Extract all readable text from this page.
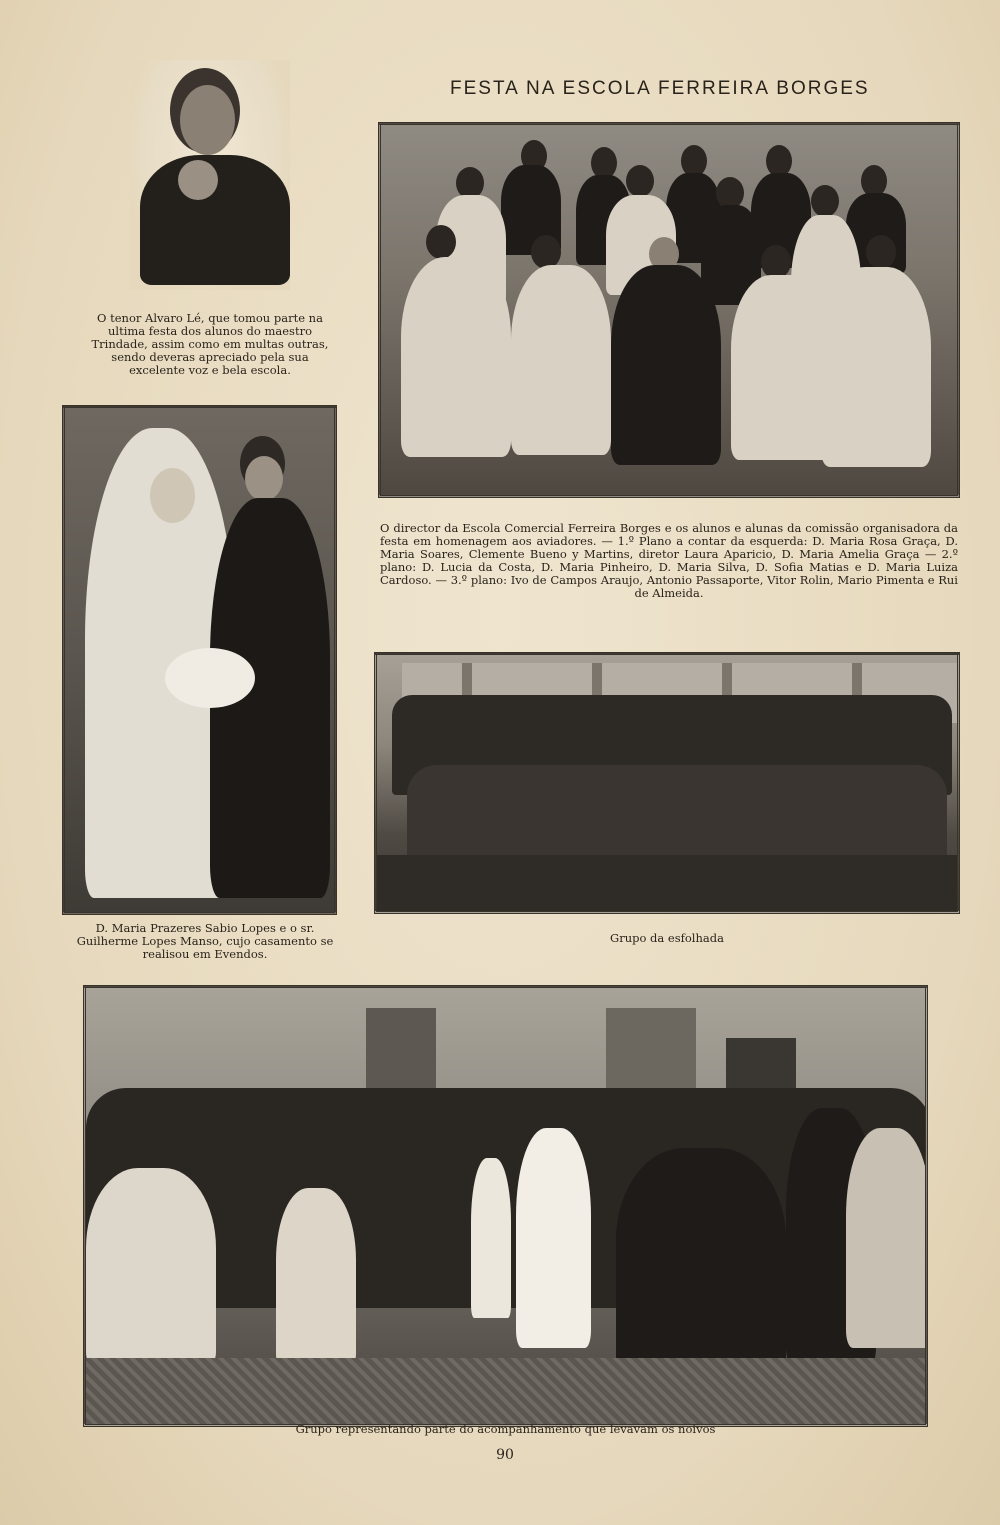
FESTA NA ESCOLA FERREIRA BORGES
O tenor Alvaro Lé, que tomou parte na ultima festa dos alunos do maestro Trindade, assim como em multas outras, sendo deveras apreciado pela sua excelente voz e bela escola.
O director da Escola Comercial Ferreira Borges e os alunos e alunas da comissão organisadora da festa em homenagem aos aviadores. — 1.º Plano a contar da esquerda: D. Maria Rosa Graça, D. Maria Soares, Clemente Bueno y Martins, diretor Laura Aparicio, D. Maria Amelia Graça — 2.º plano: D. Lucia da Costa, D. Maria Pinheiro, D. Maria Silva, D. Sofia Matias e D. Maria Luiza Cardoso. — 3.º plano: Ivo de Campos Araujo, Antonio Passaporte, Vitor Rolin, Mario Pimenta e Rui de Almeida.
D. Maria Prazeres Sabio Lopes e o sr. Guilherme Lopes Manso, cujo casamento se realisou em Evendos.
Grupo da esfolhada
Grupo representando parte do acompanhamento que levavam os noivos
90
